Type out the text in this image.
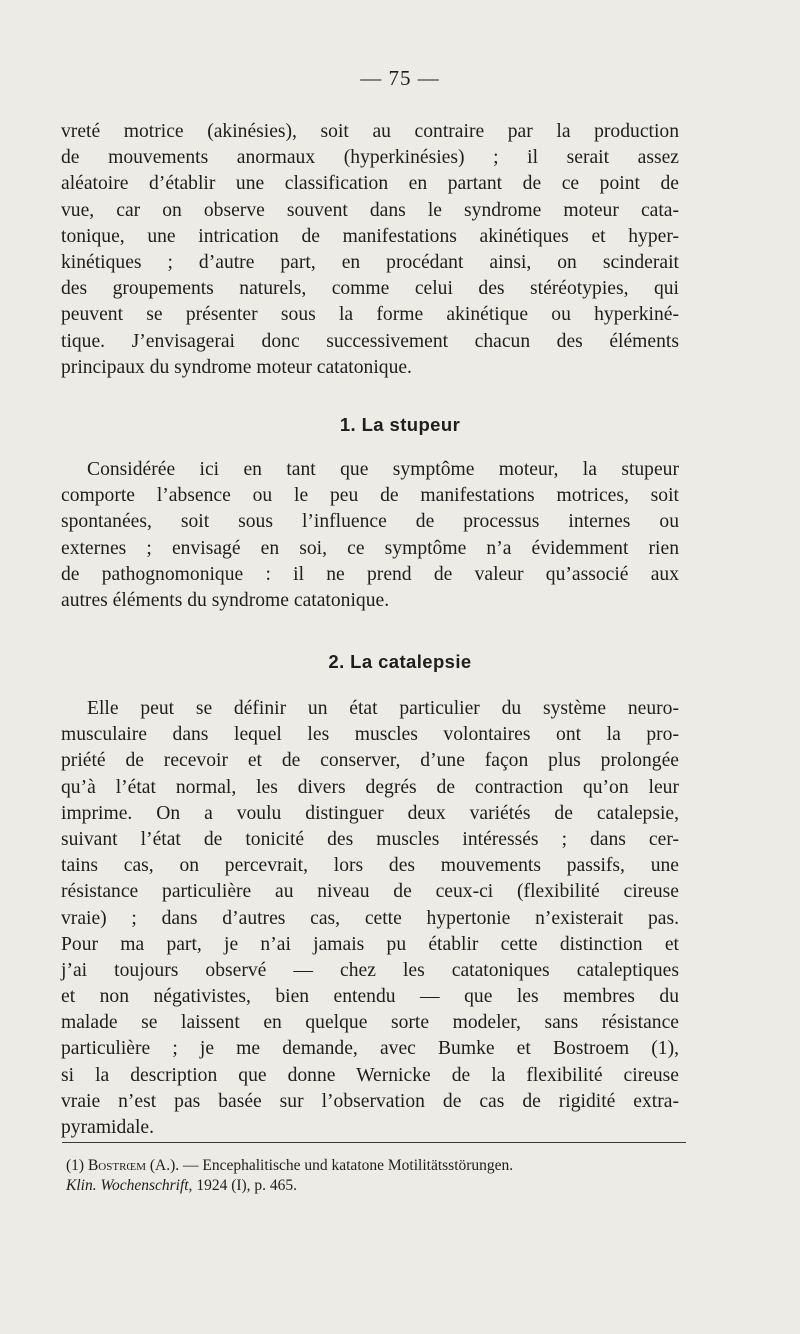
— 75 —
vreté motrice (akinésies), soit au contraire par la production
de mouvements anormaux (hyperkinésies) ; il serait assez
aléatoire d’établir une classification en partant de ce point de
vue, car on observe souvent dans le syndrome moteur cata-
tonique, une intrication de manifestations akinétiques et hyper-
kinétiques ; d’autre part, en procédant ainsi, on scinderait
des groupements naturels, comme celui des stéréotypies, qui
peuvent se présenter sous la forme akinétique ou hyperkiné-
tique. J’envisagerai donc successivement chacun des éléments
principaux du syndrome moteur catatonique.
1. La stupeur
Considérée ici en tant que symptôme moteur, la stupeur
comporte l’absence ou le peu de manifestations motrices, soit
spontanées, soit sous l’influence de processus internes ou
externes ; envisagé en soi, ce symptôme n’a évidemment rien
de pathognomonique : il ne prend de valeur qu’associé aux
autres éléments du syndrome catatonique.
2. La catalepsie
Elle peut se définir un état particulier du système neuro-
musculaire dans lequel les muscles volontaires ont la pro-
priété de recevoir et de conserver, d’une façon plus prolongée
qu’à l’état normal, les divers degrés de contraction qu’on leur
imprime. On a voulu distinguer deux variétés de catalepsie,
suivant l’état de tonicité des muscles intéressés ; dans cer-
tains cas, on percevrait, lors des mouvements passifs, une
résistance particulière au niveau de ceux-ci (flexibilité cireuse
vraie) ; dans d’autres cas, cette hypertonie n’existerait pas.
Pour ma part, je n’ai jamais pu établir cette distinction et
j’ai toujours observé — chez les catatoniques cataleptiques
et non négativistes, bien entendu — que les membres du
malade se laissent en quelque sorte modeler, sans résistance
particulière ; je me demande, avec Bumke et Bostroem (1),
si la description que donne Wernicke de la flexibilité cireuse
vraie n’est pas basée sur l’observation de cas de rigidité extra-
pyramidale.
(1) Bostrœm (A.). — Encephalitische und katatone Motilitätsstörungen.
Klin. Wochenschrift, 1924 (I), p. 465.
